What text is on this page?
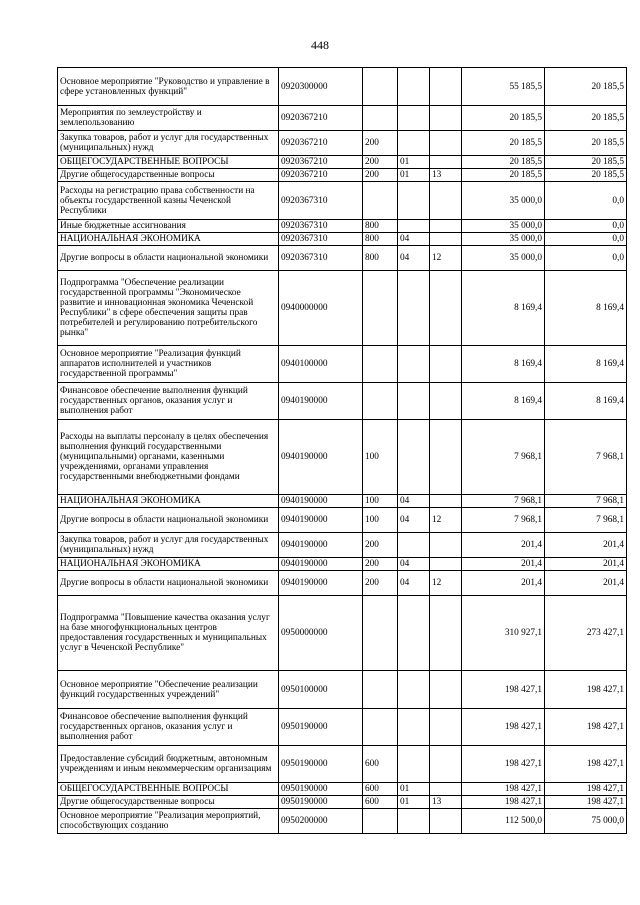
448
Основное мероприятие "Руководство и управление в сфере установленных функций"	0920300000				55 185,5	20 185,5
Мероприятия по землеустройству и землепользованию	0920367210				20 185,5	20 185,5
Закупка товаров, работ и услуг для государственных (муниципальных) нужд	0920367210	200			20 185,5	20 185,5
ОБЩЕГОСУДАРСТВЕННЫЕ ВОПРОСЫ	0920367210	200	01		20 185,5	20 185,5
Другие общегосударственные вопросы	0920367210	200	01	13	20 185,5	20 185,5
Расходы на регистрацию права собственности на объекты государственной казны Чеченской Республики	0920367310				35 000,0	0,0
Иные бюджетные ассигнования	0920367310	800			35 000,0	0,0
НАЦИОНАЛЬНАЯ ЭКОНОМИКА	0920367310	800	04		35 000,0	0,0
Другие вопросы в области национальной экономики	0920367310	800	04	12	35 000,0	0,0
Подпрограмма "Обеспечение реализации государственной программы "Экономическое развитие и инновационная экономика Чеченской Республики" в сфере обеспечения защиты прав потребителей и регулированию потребительского рынка"	0940000000				8 169,4	8 169,4
Основное мероприятие "Реализация функций аппаратов исполнителей и участников государственной программы"	0940100000				8 169,4	8 169,4
Финансовое обеспечение выполнения функций государственных органов, оказания услуг и выполнения работ	0940190000				8 169,4	8 169,4
Расходы на выплаты персоналу в целях обеспечения выполнения функций государственными (муниципальными) органами, казенными учреждениями, органами управления государственными внебюджетными фондами	0940190000	100			7 968,1	7 968,1
НАЦИОНАЛЬНАЯ ЭКОНОМИКА	0940190000	100	04		7 968,1	7 968,1
Другие вопросы в области национальной экономики	0940190000	100	04	12	7 968,1	7 968,1
Закупка товаров, работ и услуг для государственных (муниципальных) нужд	0940190000	200			201,4	201,4
НАЦИОНАЛЬНАЯ ЭКОНОМИКА	0940190000	200	04		201,4	201,4
Другие вопросы в области национальной экономики	0940190000	200	04	12	201,4	201,4
Подпрограмма "Повышение качества оказания услуг на базе многофункциональных центров предоставления государственных и муниципальных услуг в Чеченской Республике"	0950000000				310 927,1	273 427,1
Основное мероприятие "Обеспечение реализации функций государственных учреждений"	0950100000				198 427,1	198 427,1
Финансовое обеспечение выполнения функций государственных органов, оказания услуг и выполнения работ	0950190000				198 427,1	198 427,1
Предоставление субсидий бюджетным, автономным учреждениям и иным некоммерческим организациям	0950190000	600			198 427,1	198 427,1
ОБЩЕГОСУДАРСТВЕННЫЕ ВОПРОСЫ	0950190000	600	01		198 427,1	198 427,1
Другие общегосударственные вопросы	0950190000	600	01	13	198 427,1	198 427,1
Основное мероприятие "Реализация мероприятий, способствующих созданию	0950200000				112 500,0	75 000,0
